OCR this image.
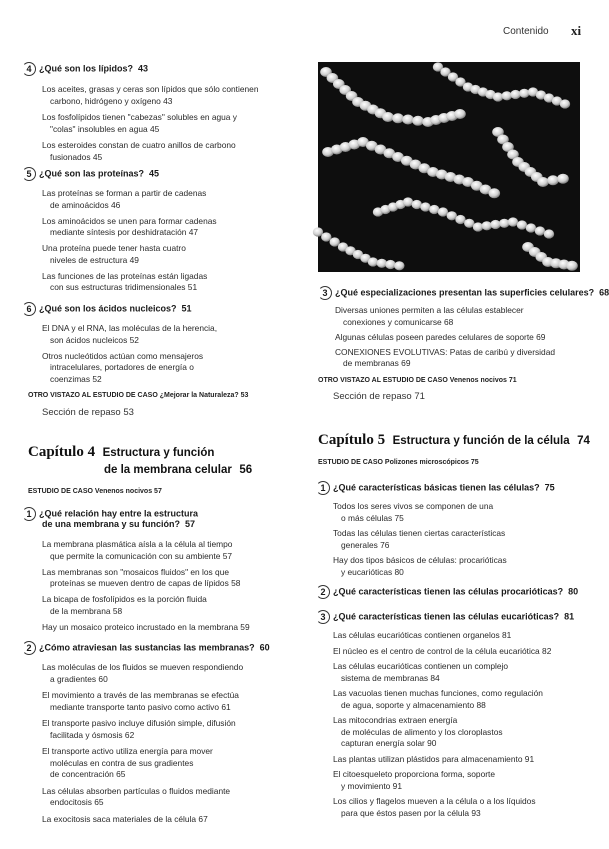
Contenido xi
4 ¿Qué son los lípidos? 43
Los aceites, grasas y ceras son lípidos que sólo contienen
carbono, hidrógeno y oxígeno 43
Los fosfolípidos tienen "cabezas" solubles en agua y
"colas" insolubles en agua 45
Los esteroides constan de cuatro anillos de carbono
fusionados 45
5 ¿Qué son las proteínas? 45
Las proteínas se forman a partir de cadenas
de aminoácidos 46
Los aminoácidos se unen para formar cadenas
mediante síntesis por deshidratación 47
Una proteína puede tener hasta cuatro
niveles de estructura 49
Las funciones de las proteínas están ligadas
con sus estructuras tridimensionales 51
6 ¿Qué son los ácidos nucleicos? 51
El DNA y el RNA, las moléculas de la herencia,
son ácidos nucleicos 52
Otros nucleótidos actúan como mensajeros
intracelulares, portadores de energía o
coenzimas 52
OTRO VISTAZO AL ESTUDIO DE CASO ¿Mejorar la Naturaleza? 53
Sección de repaso 53
Capítulo 4 Estructura y función
de la membrana celular 56
ESTUDIO DE CASO Venenos nocivos 57
1 ¿Qué relación hay entre la estructura
de una membrana y su función? 57
La membrana plasmática aísla a la célula al tiempo
que permite la comunicación con su ambiente 57
Las membranas son "mosaicos fluidos" en los que
proteínas se mueven dentro de capas de lípidos 58
La bicapa de fosfolípidos es la porción fluida
de la membrana 58
Hay un mosaico proteico incrustado en la membrana 59
2 ¿Cómo atraviesan las sustancias las membranas? 60
Las moléculas de los fluidos se mueven respondiendo
a gradientes 60
El movimiento a través de las membranas se efectúa
mediante transporte tanto pasivo como activo 61
El transporte pasivo incluye difusión simple, difusión
facilitada y ósmosis 62
El transporte activo utiliza energía para mover
moléculas en contra de sus gradientes
de concentración 65
Las células absorben partículas o fluidos mediante
endocitosis 65
La exocitosis saca materiales de la célula 67
3 ¿Qué especializaciones presentan las superficies celulares? 68
Diversas uniones permiten a las células establecer
conexiones y comunicarse 68
Algunas células poseen paredes celulares de soporte 69
CONEXIONES EVOLUTIVAS: Patas de caribú y diversidad
de membranas 69
OTRO VISTAZO AL ESTUDIO DE CASO Venenos nocivos 71
Sección de repaso 71
Capítulo 5 Estructura y función de la célula 74
ESTUDIO DE CASO Polizones microscópicos 75
1 ¿Qué características básicas tienen las células? 75
Todos los seres vivos se componen de una
o más células 75
Todas las células tienen ciertas características
generales 76
Hay dos tipos básicos de células: procarióticas
y eucarióticas 80
2 ¿Qué características tienen las células procarióticas? 80
3 ¿Qué características tienen las células eucarióticas? 81
Las células eucarióticas contienen organelos 81
El núcleo es el centro de control de la célula eucariótica 82
Las células eucarióticas contienen un complejo
sistema de membranas 84
Las vacuolas tienen muchas funciones, como regulación
de agua, soporte y almacenamiento 88
Las mitocondrias extraen energía
de moléculas de alimento y los cloroplastos
capturan energía solar 90
Las plantas utilizan plástidos para almacenamiento 91
El citoesqueleto proporciona forma, soporte
y movimiento 91
Los cilios y flagelos mueven a la célula o a los líquidos
para que éstos pasen por la célula 93
